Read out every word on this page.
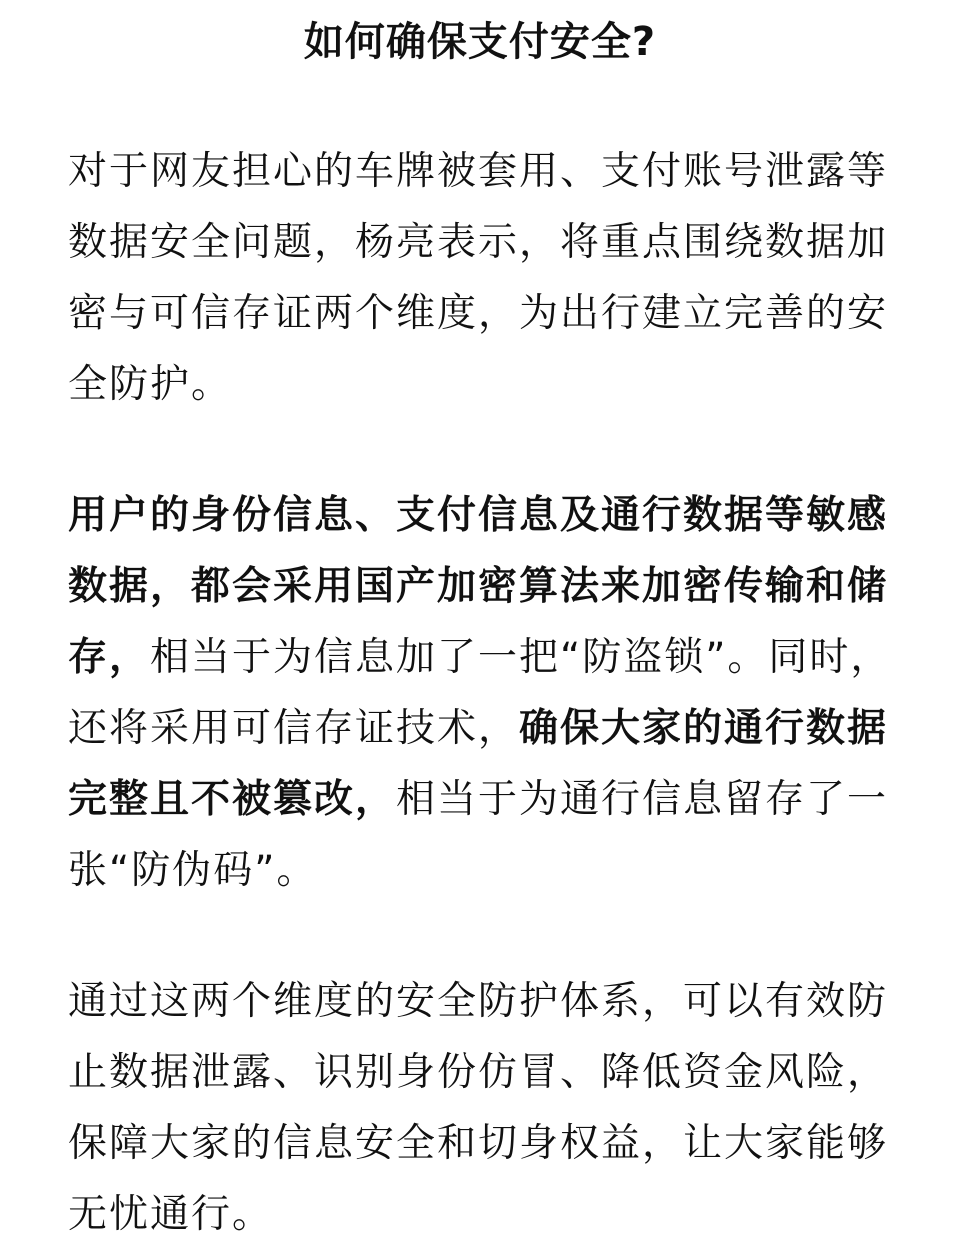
如何确保支付安全?

对于网友担心的车牌被套用、支付账号泄露等
数据安全问题，杨亮表示，将重点围绕数据加
密与可信存证两个维度，为出行建立完善的安
全防护。

用户的身份信息、支付信息及通行数据等敏感
数据，都会采用国产加密算法来加密传输和储
存，相当于为信息加了一把“防盗锁”。同时，
还将采用可信存证技术，确保大家的通行数据
完整且不被篡改，相当于为通行信息留存了一
张“防伪码”。

通过这两个维度的安全防护体系，可以有效防
止数据泄露、识别身份仿冒、降低资金风险，
保障大家的信息安全和切身权益，让大家能够
无忧通行。
